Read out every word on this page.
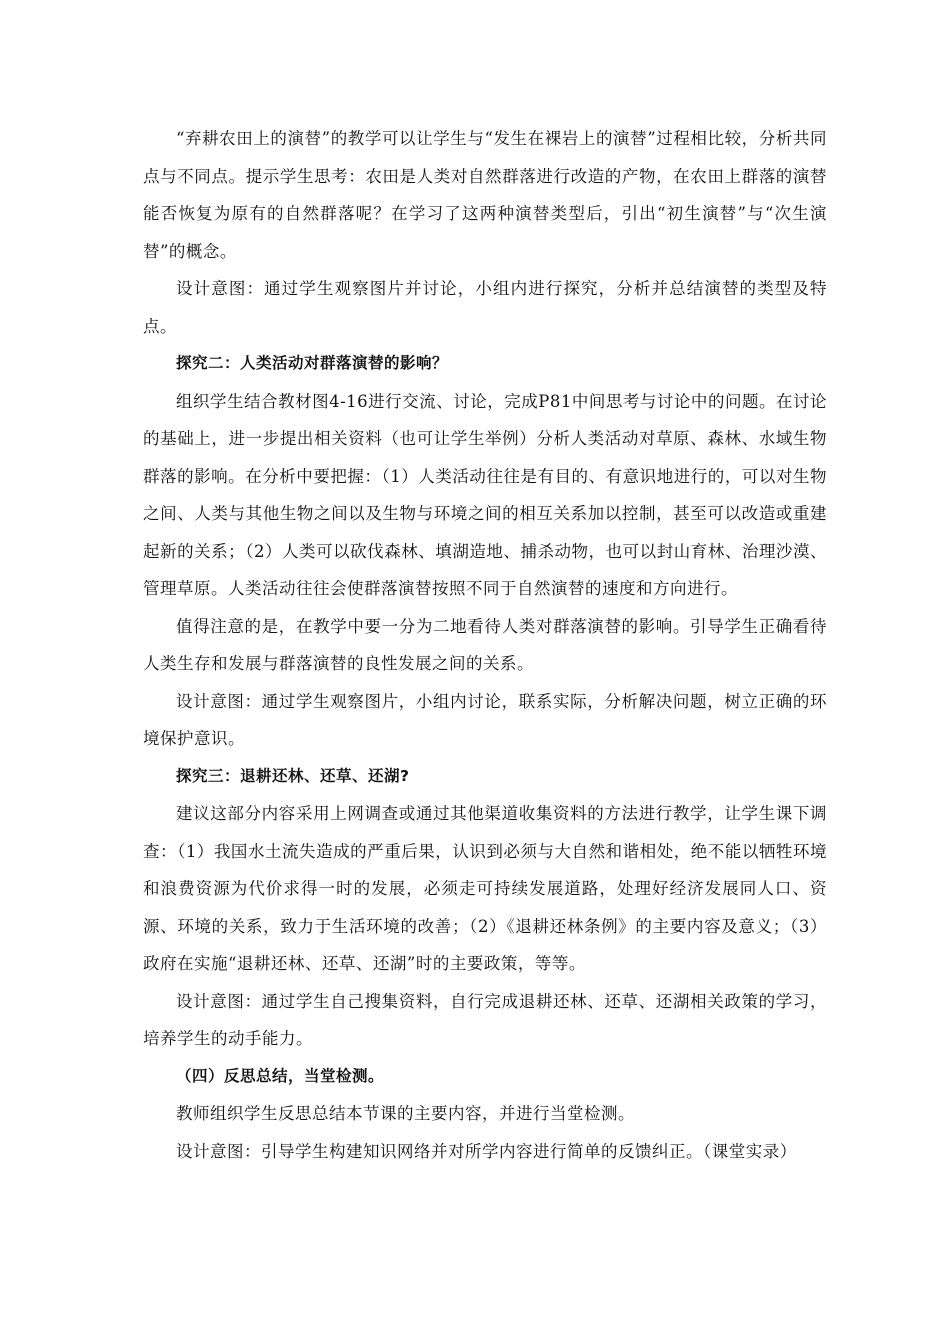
“弃耕农田上的演替”的教学可以让学生与“发生在裸岩上的演替”过程相比较，分析共同点与不同点。提示学生思考：农田是人类对自然群落进行改造的产物，在农田上群落的演替能否恢复为原有的自然群落呢？在学习了这两种演替类型后，引出“初生演替”与“次生演替”的概念。

设计意图：通过学生观察图片并讨论，小组内进行探究，分析并总结演替的类型及特点。

探究二：人类活动对群落演替的影响？

组织学生结合教材图4-16进行交流、讨论，完成P81中间思考与讨论中的问题。在讨论的基础上，进一步提出相关资料（也可让学生举例）分析人类活动对草原、森林、水域生物群落的影响。在分析中要把握：（1）人类活动往往是有目的、有意识地进行的，可以对生物之间、人类与其他生物之间以及生物与环境之间的相互关系加以控制，甚至可以改造或重建起新的关系；（2）人类可以砍伐森林、填湖造地、捕杀动物，也可以封山育林、治理沙漠、管理草原。人类活动往往会使群落演替按照不同于自然演替的速度和方向进行。

值得注意的是，在教学中要一分为二地看待人类对群落演替的影响。引导学生正确看待人类生存和发展与群落演替的良性发展之间的关系。

设计意图：通过学生观察图片，小组内讨论，联系实际，分析解决问题，树立正确的环境保护意识。

探究三：退耕还林、还草、还湖?

建议这部分内容采用上网调查或通过其他渠道收集资料的方法进行教学，让学生课下调查：（1）我国水土流失造成的严重后果，认识到必须与大自然和谐相处，绝不能以牺牲环境和浪费资源为代价求得一时的发展，必须走可持续发展道路，处理好经济发展同人口、资源、环境的关系，致力于生活环境的改善；（2）《退耕还林条例》的主要内容及意义；（3）政府在实施“退耕还林、还草、还湖”时的主要政策，等等。

设计意图：通过学生自己搜集资料，自行完成退耕还林、还草、还湖相关政策的学习，培养学生的动手能力。

（四）反思总结，当堂检测。

教师组织学生反思总结本节课的主要内容，并进行当堂检测。

设计意图：引导学生构建知识网络并对所学内容进行简单的反馈纠正。（课堂实录）
